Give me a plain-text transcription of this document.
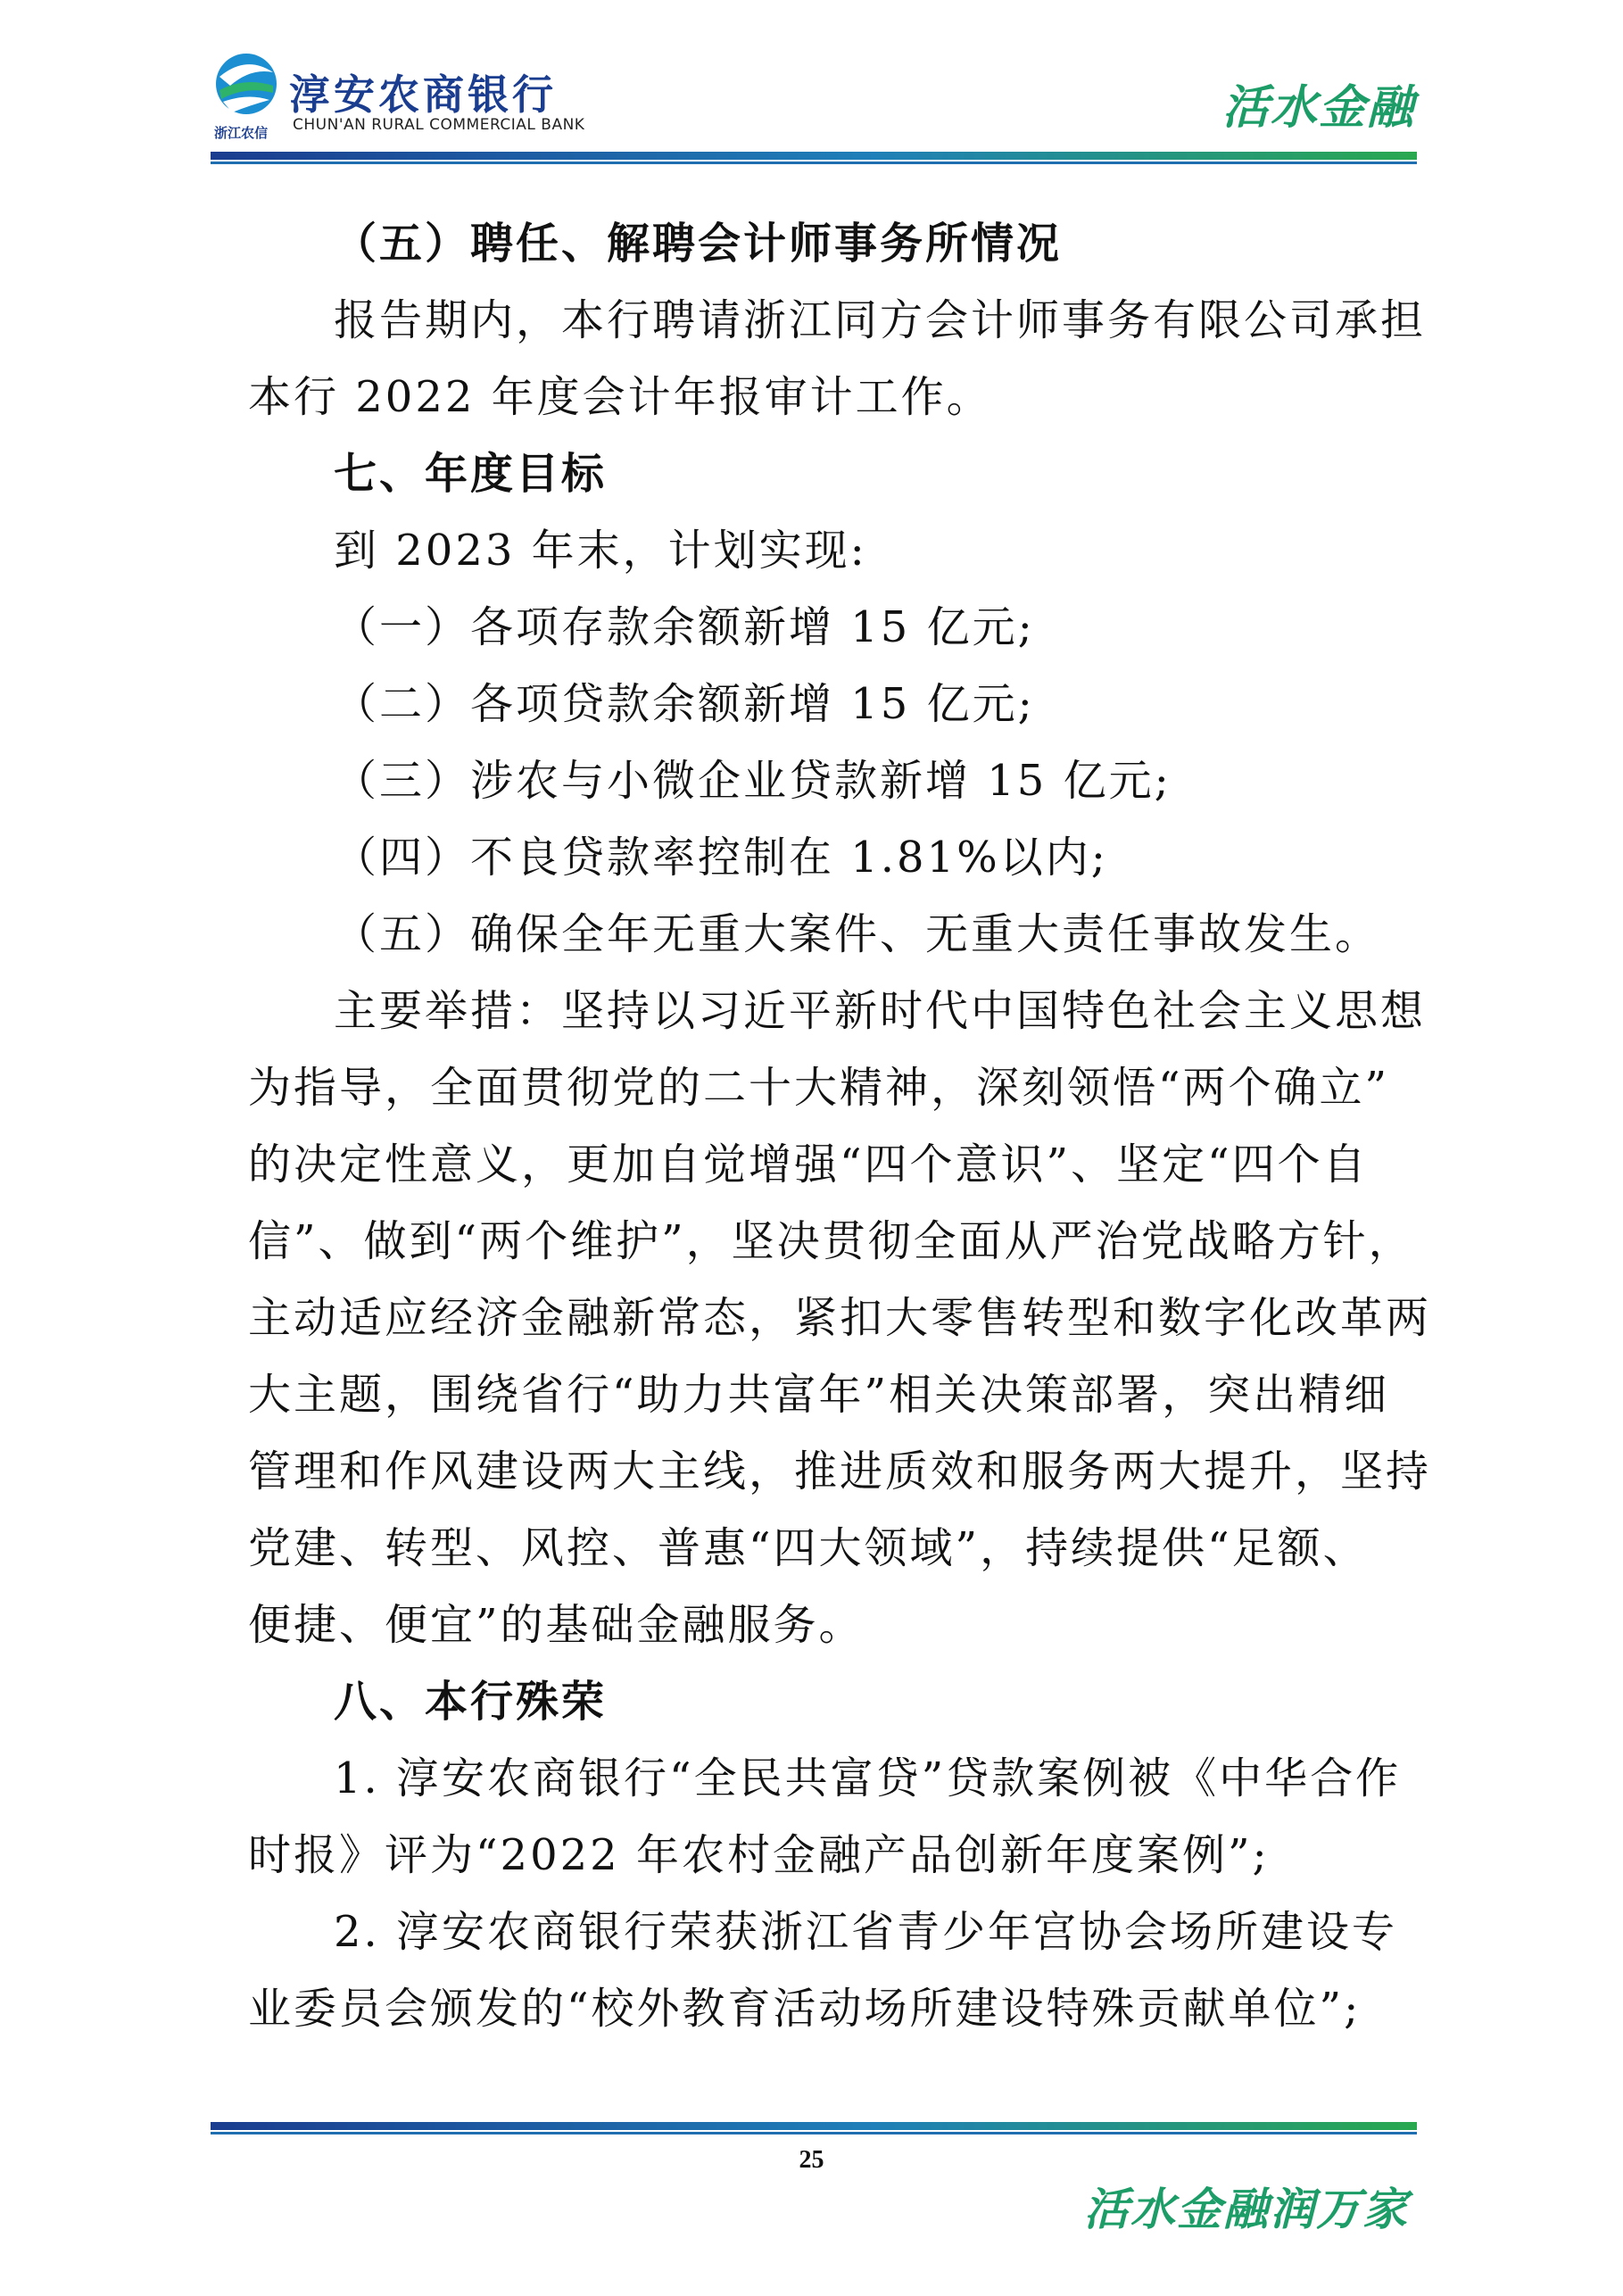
浙江农信
淳安农商银行
CHUN'AN RURAL COMMERCIAL BANK	活水金融
（五）聘任、解聘会计师事务所情况
报告期内，本行聘请浙江同方会计师事务有限公司承担
本行 2022 年度会计年报审计工作。
七、年度目标
到 2023 年末，计划实现:
（一）各项存款余额新增 15 亿元;
（二）各项贷款余额新增 15 亿元;
（三）涉农与小微企业贷款新增 15 亿元;
（四）不良贷款率控制在 1.81%以内;
（五）确保全年无重大案件、无重大责任事故发生。
主要举措：坚持以习近平新时代中国特色社会主义思想
为指导，全面贯彻党的二十大精神，深刻领悟“两个确立”
的决定性意义，更加自觉增强“四个意识”、坚定“四个自
信”、做到“两个维护”，坚决贯彻全面从严治党战略方针，
主动适应经济金融新常态，紧扣大零售转型和数字化改革两
大主题，围绕省行“助力共富年”相关决策部署，突出精细
管理和作风建设两大主线，推进质效和服务两大提升，坚持
党建、转型、风控、普惠“四大领域”，持续提供“足额、
便捷、便宜”的基础金融服务。
八、本行殊荣
1. 淳安农商银行“全民共富贷”贷款案例被《中华合作
时报》评为“2022 年农村金融产品创新年度案例”;
2. 淳安农商银行荣获浙江省青少年宫协会场所建设专
业委员会颁发的“校外教育活动场所建设特殊贡献单位”;
25
活水金融润万家
